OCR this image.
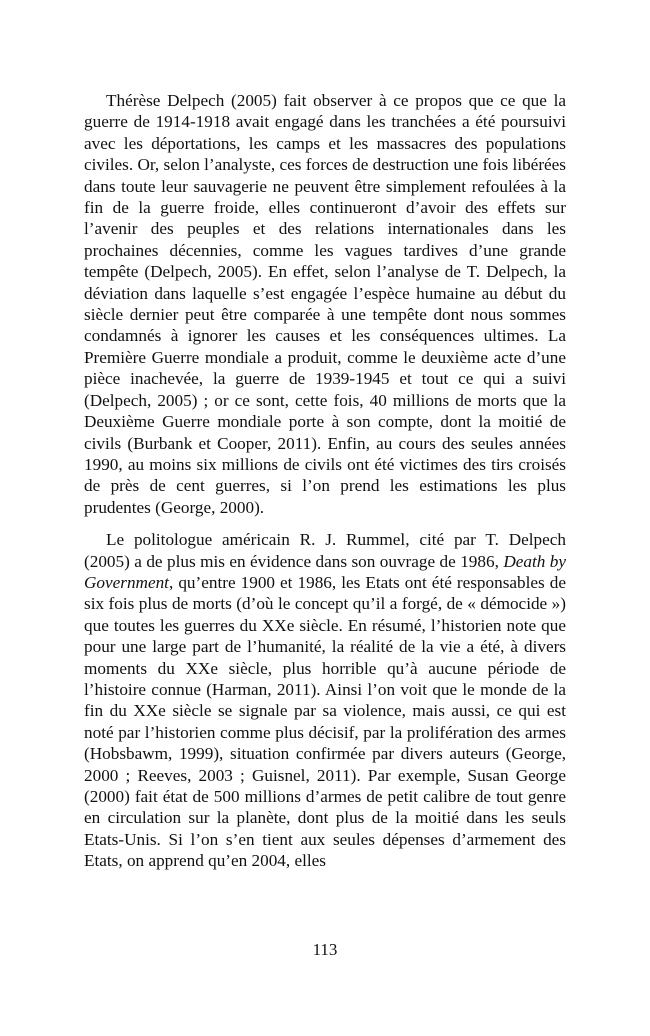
Thérèse Delpech (2005) fait observer à ce propos que ce que la guerre de 1914-1918 avait engagé dans les tranchées a été poursuivi avec les déportations, les camps et les massacres des populations civiles. Or, selon l’analyste, ces forces de destruction une fois libérées dans toute leur sauvagerie ne peuvent être simplement refoulées à la fin de la guerre froide, elles continueront d’avoir des effets sur l’avenir des peuples et des relations internationales dans les prochaines décennies, comme les vagues tardives d’une grande tempête (Delpech, 2005). En effet, selon l’analyse de T. Delpech, la déviation dans laquelle s’est engagée l’espèce humaine au début du siècle dernier peut être comparée à une tempête dont nous sommes condamnés à ignorer les causes et les conséquences ultimes. La Première Guerre mondiale a produit, comme le deuxième acte d’une pièce inachevée, la guerre de 1939-1945 et tout ce qui a suivi (Delpech, 2005) ; or ce sont, cette fois, 40 millions de morts que la Deuxième Guerre mondiale porte à son compte, dont la moitié de civils (Burbank et Cooper, 2011). Enfin, au cours des seules années 1990, au moins six millions de civils ont été victimes des tirs croisés de près de cent guerres, si l’on prend les estimations les plus prudentes (George, 2000).

Le politologue américain R. J. Rummel, cité par T. Delpech (2005) a de plus mis en évidence dans son ouvrage de 1986, Death by Government, qu’entre 1900 et 1986, les Etats ont été responsables de six fois plus de morts (d’où le concept qu’il a forgé, de « démocide ») que toutes les guerres du XXe siècle. En résumé, l’historien note que pour une large part de l’humanité, la réalité de la vie a été, à divers moments du XXe siècle, plus horrible qu’à aucune période de l’histoire connue (Harman, 2011). Ainsi l’on voit que le monde de la fin du XXe siècle se signale par sa violence, mais aussi, ce qui est noté par l’historien comme plus décisif, par la prolifération des armes (Hobsbawm, 1999), situation confirmée par divers auteurs (George, 2000 ; Reeves, 2003 ; Guisnel, 2011). Par exemple, Susan George (2000) fait état de 500 millions d’armes de petit calibre de tout genre en circulation sur la planète, dont plus de la moitié dans les seuls Etats-Unis. Si l’on s’en tient aux seules dépenses d’armement des Etats, on apprend qu’en 2004, elles

113
